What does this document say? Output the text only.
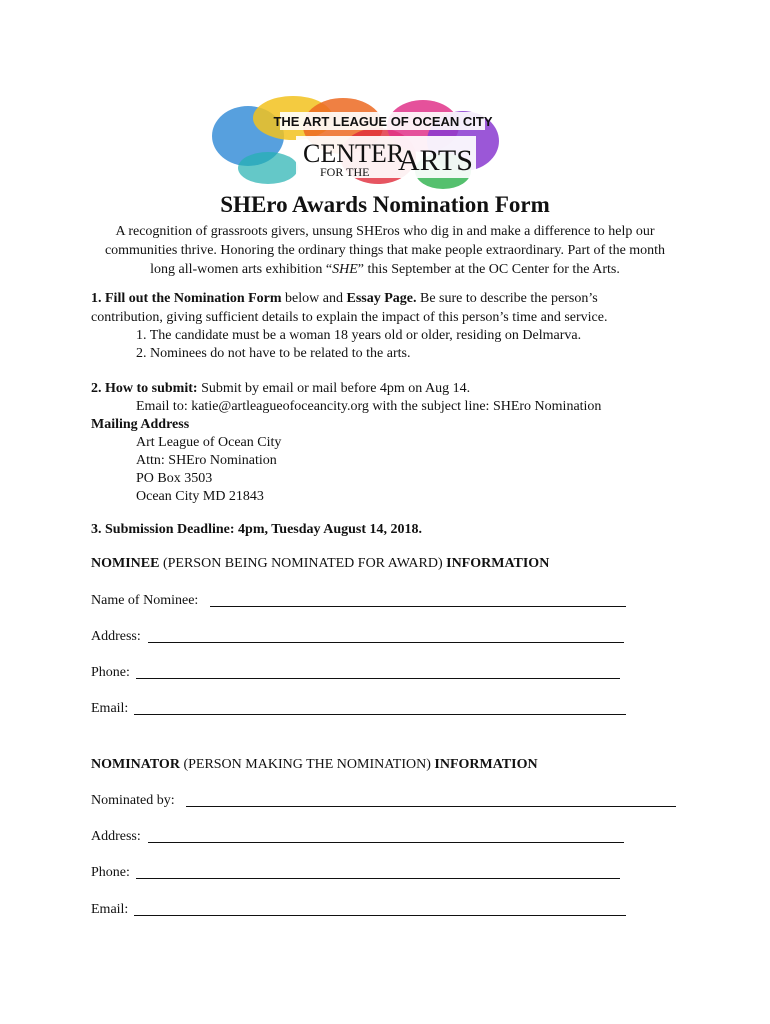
THE ART LEAGUE OF OCEAN CITY
CENTER
ARTS
FOR THE
SHEro Awards Nomination Form
A recognition of grassroots givers, unsung SHEros who dig in and make a difference to help our communities thrive. Honoring the ordinary things that make people extraordinary. Part of the month long all-women arts exhibition “SHE” this September at the OC Center for the Arts.
1. Fill out the Nomination Form below and Essay Page. Be sure to describe the person’s
contribution, giving sufficient details to explain the impact of this person’s time and service.
1. The candidate must be a woman 18 years old or older, residing on Delmarva.
2. Nominees do not have to be related to the arts.
2. How to submit: Submit by email or mail before 4pm on Aug 14.
Email to: katie@artleagueofoceancity.org with the subject line: SHEro Nomination
Mailing Address
Art League of Ocean City
Attn: SHEro Nomination
PO Box 3503
Ocean City MD 21843
3. Submission Deadline: 4pm, Tuesday August 14, 2018.
NOMINEE (PERSON BEING NOMINATED FOR AWARD) INFORMATION
Name of Nominee:
Address:
Phone:
Email:
NOMINATOR (PERSON MAKING THE NOMINATION) INFORMATION
Nominated by:
Address:
Phone:
Email:
